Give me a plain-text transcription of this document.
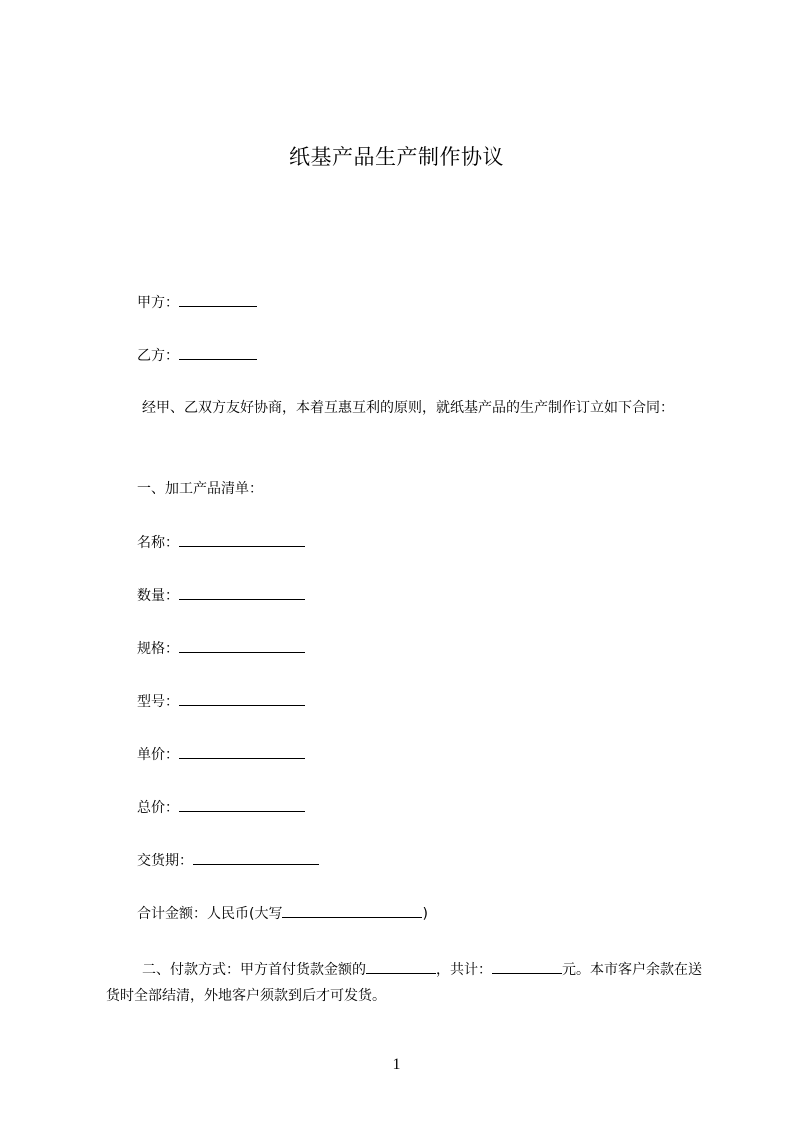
纸基产品生产制作协议
甲方：
乙方：
经甲、乙双方友好协商，本着互惠互利的原则，就纸基产品的生产制作订立如下合同：
一、加工产品清单：
名称：
数量：
规格：
型号：
单价：
总价：
交货期：
合计金额：人民币(大写	)
二、付款方式：甲方首付货款金额的	，共计：	元。本市客户余款在送货时全部结清，外地客户须款到后才可发货。
1
